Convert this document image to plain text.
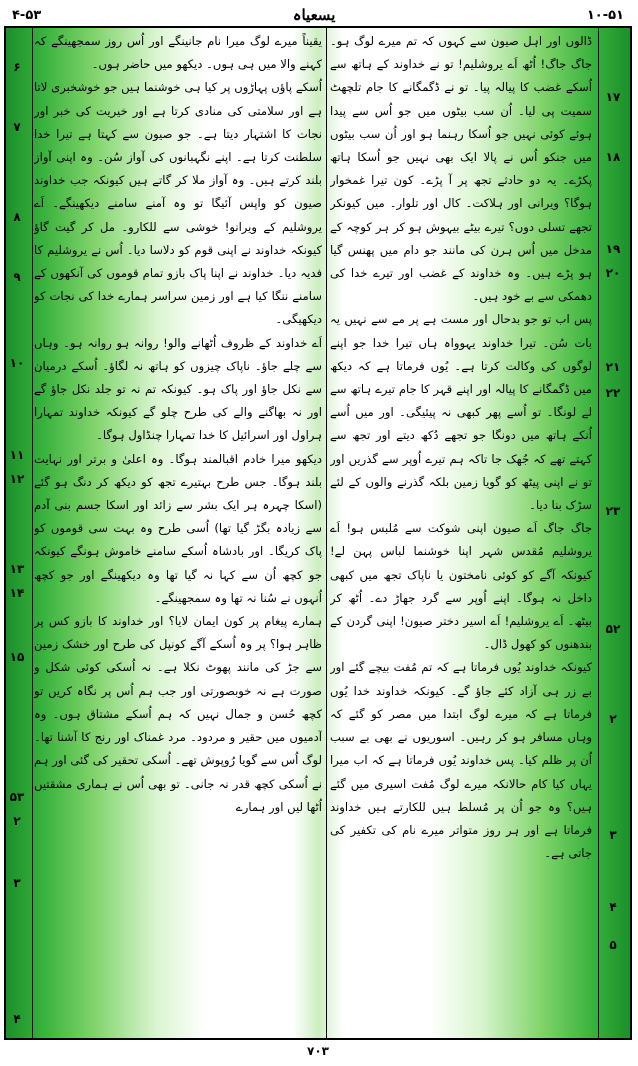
۴-۵۳	یسعیاہ	۱۰-۵۱

ڈالوں اور اہل صیون سے کہوں کہ تم میرے لوگ ہو۔ جاگ جاگ! اُٹھ اَے یروشلیم! تو نے خداوند کے ہاتھ سے اُسکے غضب کا پیالہ پیا۔ تو نے ڈگمگانے کا جام تلچھٹ سمیت پی لیا۔ اُن سب بیٹوں میں جو اُس سے پیدا ہوئے کوئی نہیں جو اُسکا رہنما ہو اور اُن سب بیٹوں میں جنکو اُس نے پالا ایک بھی نہیں جو اُسکا ہاتھ پکڑے۔ یہ دو حادثے تجھ پر آ پڑے۔ کون تیرا غمخوار ہوگا؟ ویرانی اور ہلاکت۔ کال اور تلوار۔ میں کیونکر تجھے تسلی دوں؟ تیرے بیٹے بیہوش ہو کر ہر کوچہ کے مدخل میں اُس ہرن کی مانند جو دام میں پھنس گیا ہو پڑے ہیں۔ وہ خداوند کے غضب اور تیرے خدا کی دھمکی سے بے خود ہیں۔

پس اب تو جو بدحال اور مست ہے پر مے سے نہیں یہ بات سُن۔ تیرا خداوند یہوواہ ہاں تیرا خدا جو اپنے لوگوں کی وکالت کرتا ہے۔ یُوں فرماتا ہے کہ دیکھ میں ڈگمگانے کا پیالہ اور اپنے قہر کا جام تیرے ہاتھ سے لے لونگا۔ تو اُسے پھر کبھی نہ پیئیگی۔ اور میں اُسے اُنکے ہاتھ میں دونگا جو تجھے دُکھ دیتے اور تجھ سے کہتے تھے کہ جُھک جا تاکہ ہم تیرے اُوپر سے گذریں اور تو نے اپنی پیٹھ کو گویا زمین بلکہ گذرنے والوں کے لئے سڑک بنا دیا۔

جاگ جاگ اَے صیون اپنی شوکت سے مُلبس ہو! اَے یروشلیم مُقدس شہر اپنا خوشنما لباس پہن لے! کیونکہ آگے کو کوئی نامختون یا ناپاک تجھ میں کبھی داخل نہ ہوگا۔ اپنے اُوپر سے گرد جھاڑ دے۔ اُٹھ کر بیٹھ۔ اَے یروشلیم! اَے اسیر دختر صیون! اپنی گردن کے بندھنوں کو کھول ڈال۔

کیونکہ خداوند یُوں فرماتا ہے کہ تم مُفت بیچے گئے اور بے زر ہی آزاد کئے جاؤ گے۔ کیونکہ خداوند خدا یُوں فرماتا ہے کہ میرے لوگ ابتدا میں مصر کو گئے کہ وہاں مسافر ہو کر رہیں۔ اسوریوں نے بھی بے سبب اُن پر ظلم کیا۔ پس خداوند یُوں فرماتا ہے کہ اب میرا یہاں کیا کام حالانکہ میرے لوگ مُفت اسیری میں گئے ہیں؟ وہ جو اُن پر مُسلط ہیں للکارتے ہیں خداوند فرماتا ہے اور ہر روز متواتر میرے نام کی تکفیر کی جاتی ہے۔

۱۷
۱۸
۱۹
۲۰
۲۱
۲۲
۲۳
۵۲
۲
۳
۴
۵

یقیناً میرے لوگ میرا نام جانینگے اور اُس روز سمجھینگے کہ کہنے والا میں ہی ہوں۔ دیکھو میں حاضر ہوں۔

اُسکے پاؤں پہاڑوں پر کیا ہی خوشنما ہیں جو خوشخبری لاتا ہے اور سلامتی کی منادی کرتا ہے اور خیریت کی خبر اور نجات کا اشتہار دیتا ہے۔ جو صیون سے کہتا ہے تیرا خدا سلطنت کرتا ہے۔ اپنے نگہبانوں کی آواز سُن۔ وہ اپنی آواز بلند کرتے ہیں۔ وہ آواز ملا کر گاتے ہیں کیونکہ جب خداوند صیون کو واپس آئیگا تو وہ آمنے سامنے دیکھینگے۔ اَے یروشلیم کے ویرانو! خوشی سے للکارو۔ مل کر گیت گاؤ کیونکہ خداوند نے اپنی قوم کو دلاسا دیا۔ اُس نے یروشلیم کا فدیہ دیا۔ خداوند نے اپنا پاک بازو تمام قوموں کی آنکھوں کے سامنے ننگا کیا ہے اور زمین سراسر ہمارے خدا کی نجات کو دیکھیگی۔

اَے خداوند کے ظروف اُٹھانے والو! روانہ ہو روانہ ہو۔ وہاں سے چلے جاؤ۔ ناپاک چیزوں کو ہاتھ نہ لگاؤ۔ اُسکے درمیان سے نکل جاؤ اور پاک ہو۔ کیونکہ تم نہ تو جلد نکل جاؤ گے اور نہ بھاگنے والے کی طرح چلو گے کیونکہ خداوند تمہارا ہراول اور اسرائیل کا خدا تمہارا چنڈاول ہوگا۔

دیکھو میرا خادم اقبالمند ہوگا۔ وہ اعلیٰ و برتر اور نہایت بلند ہوگا۔ جس طرح بہتیرے تجھ کو دیکھ کر دنگ ہو گئے (اسکا چہرہ ہر ایک بشر سے زائد اور اسکا جسم بنی آدم سے زیادہ بگڑ گیا تھا) اُسی طرح وہ بہت سی قوموں کو پاک کریگا۔ اور بادشاہ اُسکے سامنے خاموش ہونگے کیونکہ جو کچھ اُن سے کہا نہ گیا تھا وہ دیکھینگے اور جو کچھ اُنہوں نے سُنا نہ تھا وہ سمجھینگے۔

ہمارے پیغام پر کون ایمان لایا؟ اور خداوند کا بازو کس پر ظاہر ہوا؟ پر وہ اُسکے آگے کونپل کی طرح اور خشک زمین سے جڑ کی مانند پھوٹ نکلا ہے۔ نہ اُسکی کوئی شکل و صورت ہے نہ خوبصورتی اور جب ہم اُس پر نگاہ کریں تو کچھ حُسن و جمال نہیں کہ ہم اُسکے مشتاق ہوں۔ وہ آدمیوں میں حقیر و مردود۔ مرد غمناک اور رنج کا آشنا تھا۔ لوگ اُس سے گویا رُوپوش تھے۔ اُسکی تحقیر کی گئی اور ہم نے اُسکی کچھ قدر نہ جانی۔ تو بھی اُس نے ہماری مشقتیں اُٹھا لیں اور ہمارے

۶
۷
۸
۹
۱۰
۱۱
۱۲
۱۳
۱۴
۱۵
۵۳
۲
۳
۴
۷۰۳
